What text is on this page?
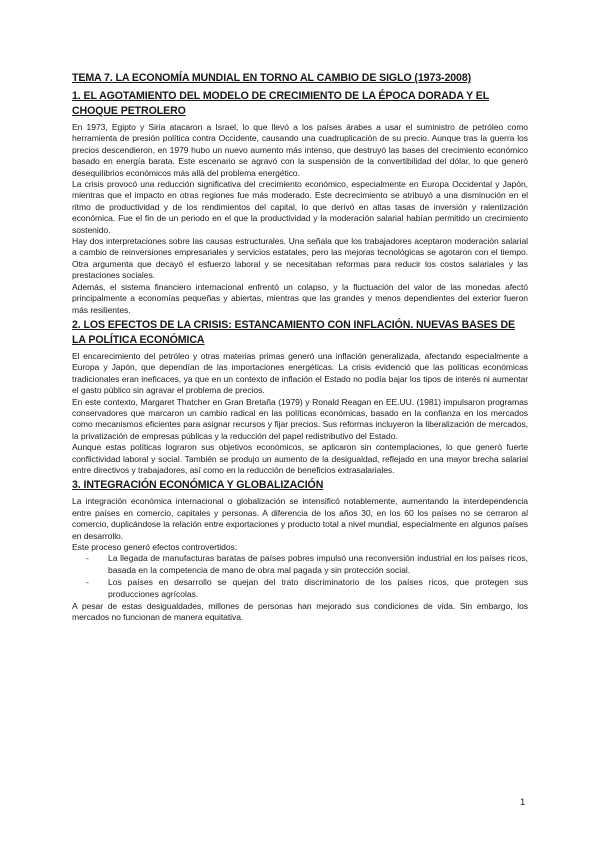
TEMA 7. LA ECONOMÍA MUNDIAL EN TORNO AL CAMBIO DE SIGLO (1973-2008)
1. EL AGOTAMIENTO DEL MODELO DE CRECIMIENTO DE LA ÉPOCA DORADA Y EL CHOQUE PETROLERO

En 1973, Egipto y Siria atacaron a Israel, lo que llevó a los países árabes a usar el suministro de petróleo como herramienta de presión política contra Occidente, causando una cuadruplicación de su precio. Aunque tras la guerra los precios descendieron, en 1979 hubo un nuevo aumento más intenso, que destruyó las bases del crecimiento económico basado en energía barata. Este escenario se agravó con la suspensión de la convertibilidad del dólar, lo que generó desequilibrios económicos más allá del problema energético.

La crisis provocó una reducción significativa del crecimiento económico, especialmente en Europa Occidental y Japón, mientras que el impacto en otras regiones fue más moderado. Este decrecimiento se atribuyó a una disminución en el ritmo de productividad y de los rendimientos del capital, lo que derivó en altas tasas de inversión y ralentización económica. Fue el fin de un periodo en el que la productividad y la moderación salarial habían permitido un crecimiento sostenido.

Hay dos interpretaciones sobre las causas estructurales. Una señala que los trabajadores aceptaron moderación salarial a cambio de reinversiones empresariales y servicios estatales, pero las mejoras tecnológicas se agotaron con el tiempo. Otra argumenta que decayó el esfuerzo laboral y se necesitaban reformas para reducir los costos salariales y las prestaciones sociales.

Además, el sistema financiero internacional enfrentó un colapso, y la fluctuación del valor de las monedas afectó principalmente a economías pequeñas y abiertas, mientras que las grandes y menos dependientes del exterior fueron más resilientes.

2. LOS EFECTOS DE LA CRISIS: ESTANCAMIENTO CON INFLACIÓN. NUEVAS BASES DE LA POLÍTICA ECONÓMICA

El encarecimiento del petróleo y otras materias primas generó una inflación generalizada, afectando especialmente a Europa y Japón, que dependían de las importaciones energéticas. La crisis evidenció que las políticas económicas tradicionales eran ineficaces, ya que en un contexto de inflación el Estado no podía bajar los tipos de interés ni aumentar el gasto público sin agravar el problema de precios.

En este contexto, Margaret Thatcher en Gran Bretaña (1979) y Ronald Reagan en EE.UU. (1981) impulsaron programas conservadores que marcaron un cambio radical en las políticas económicas, basado en la confianza en los mercados como mecanismos eficientes para asignar recursos y fijar precios. Sus reformas incluyeron la liberalización de mercados, la privatización de empresas públicas y la reducción del papel redistributivo del Estado.

Aunque estas políticas lograron sus objetivos económicos, se aplicaron sin contemplaciones, lo que generó fuerte conflictividad laboral y social. También se produjo un aumento de la desigualdad, reflejado en una mayor brecha salarial entre directivos y trabajadores, así como en la reducción de beneficios extrasalariales.

3. INTEGRACIÓN ECONÓMICA Y GLOBALIZACIÓN

La integración económica internacional o globalización se intensificó notablemente, aumentando la interdependencia entre países en comercio, capitales y personas. A diferencia de los años 30, en los 60 los países no se cerraron al comercio, duplicándose la relación entre exportaciones y producto total a nivel mundial, especialmente en algunos países en desarrollo.

Este proceso generó efectos controvertidos:

- La llegada de manufacturas baratas de países pobres impulsó una reconversión industrial en los países ricos, basada en la competencia de mano de obra mal pagada y sin protección social.
- Los países en desarrollo se quejan del trato discriminatorio de los países ricos, que protegen sus producciones agrícolas.

A pesar de estas desigualdades, millones de personas han mejorado sus condiciones de vida. Sin embargo, los mercados no funcionan de manera equitativa.

1
